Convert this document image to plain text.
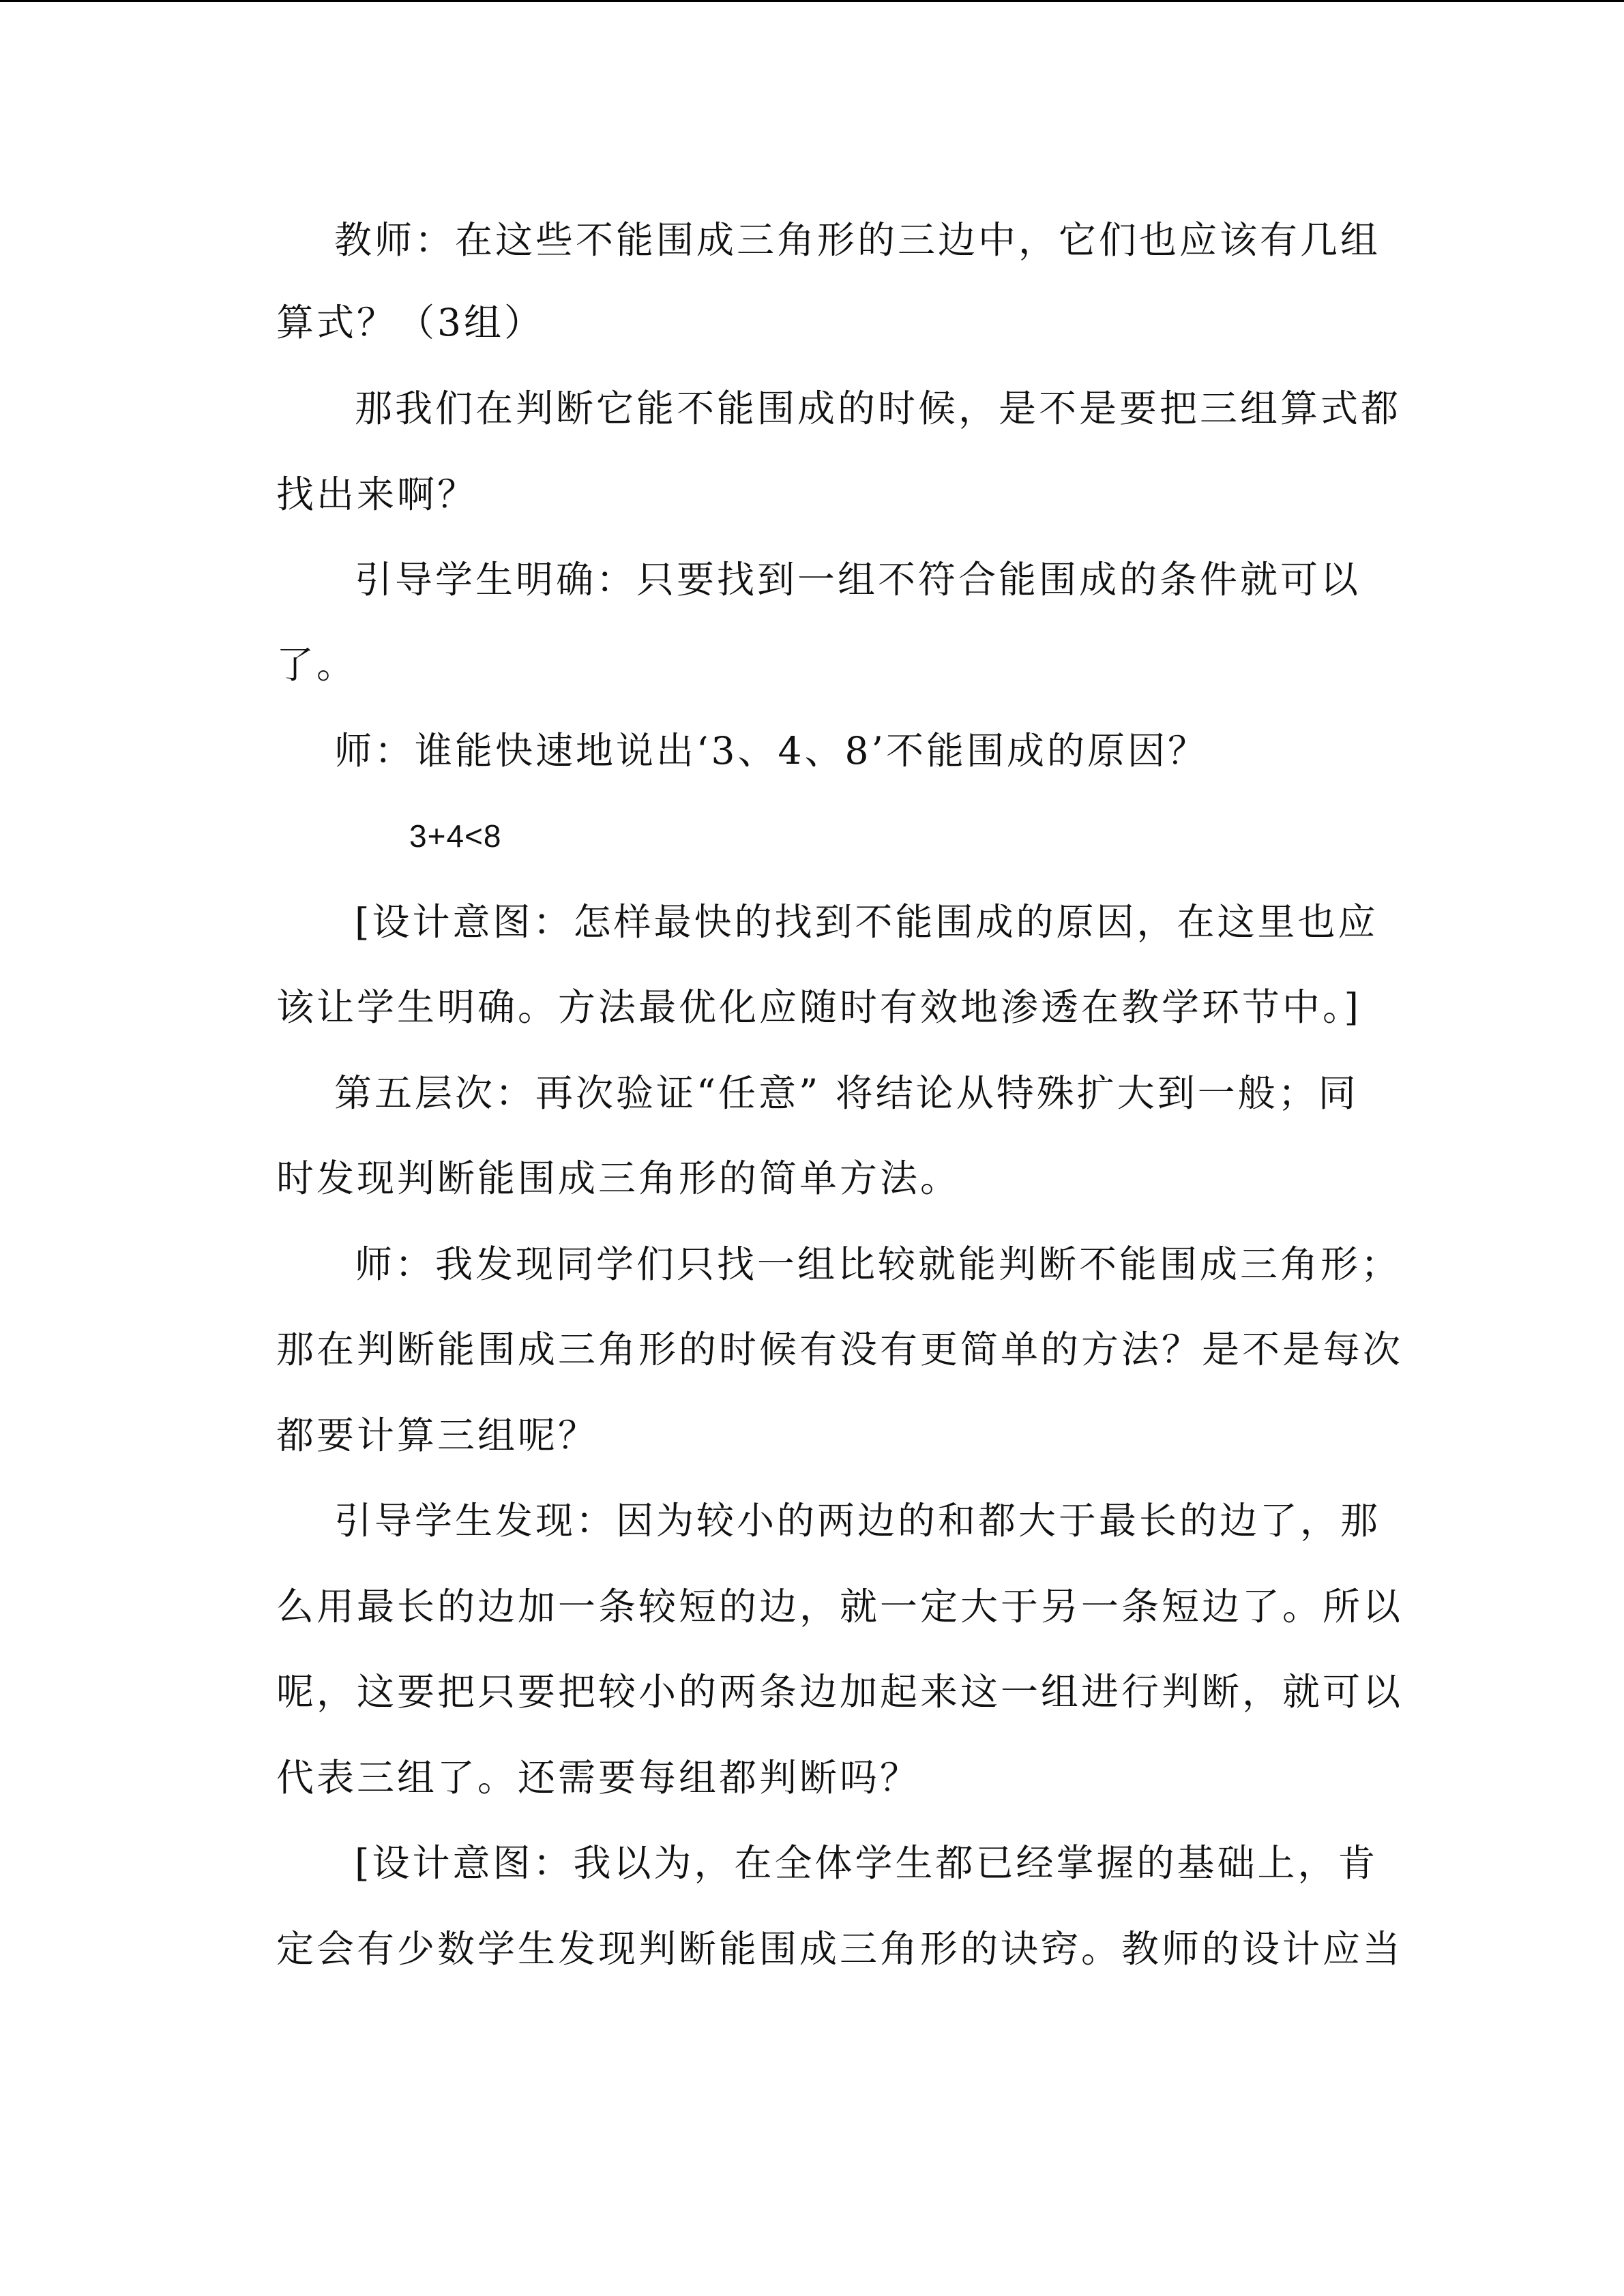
教师：在这些不能围成三角形的三边中，它们也应该有几组
算式？（3组）
那我们在判断它能不能围成的时候，是不是要把三组算式都
找出来啊？
引导学生明确：只要找到一组不符合能围成的条件就可以
了。
师：谁能快速地说出‘3、4、8’不能围成的原因？
3+4<8
[设计意图：怎样最快的找到不能围成的原因，在这里也应
该让学生明确。方法最优化应随时有效地渗透在教学环节中。]
第五层次：再次验证“任意” 将结论从特殊扩大到一般；同
时发现判断能围成三角形的简单方法。
师：我发现同学们只找一组比较就能判断不能围成三角形；
那在判断能围成三角形的时候有没有更简单的方法？是不是每次
都要计算三组呢？
引导学生发现：因为较小的两边的和都大于最长的边了，那
么用最长的边加一条较短的边，就一定大于另一条短边了。所以
呢，这要把只要把较小的两条边加起来这一组进行判断，就可以
代表三组了。还需要每组都判断吗？
[设计意图：我以为，在全体学生都已经掌握的基础上，肯
定会有少数学生发现判断能围成三角形的诀窍。教师的设计应当
